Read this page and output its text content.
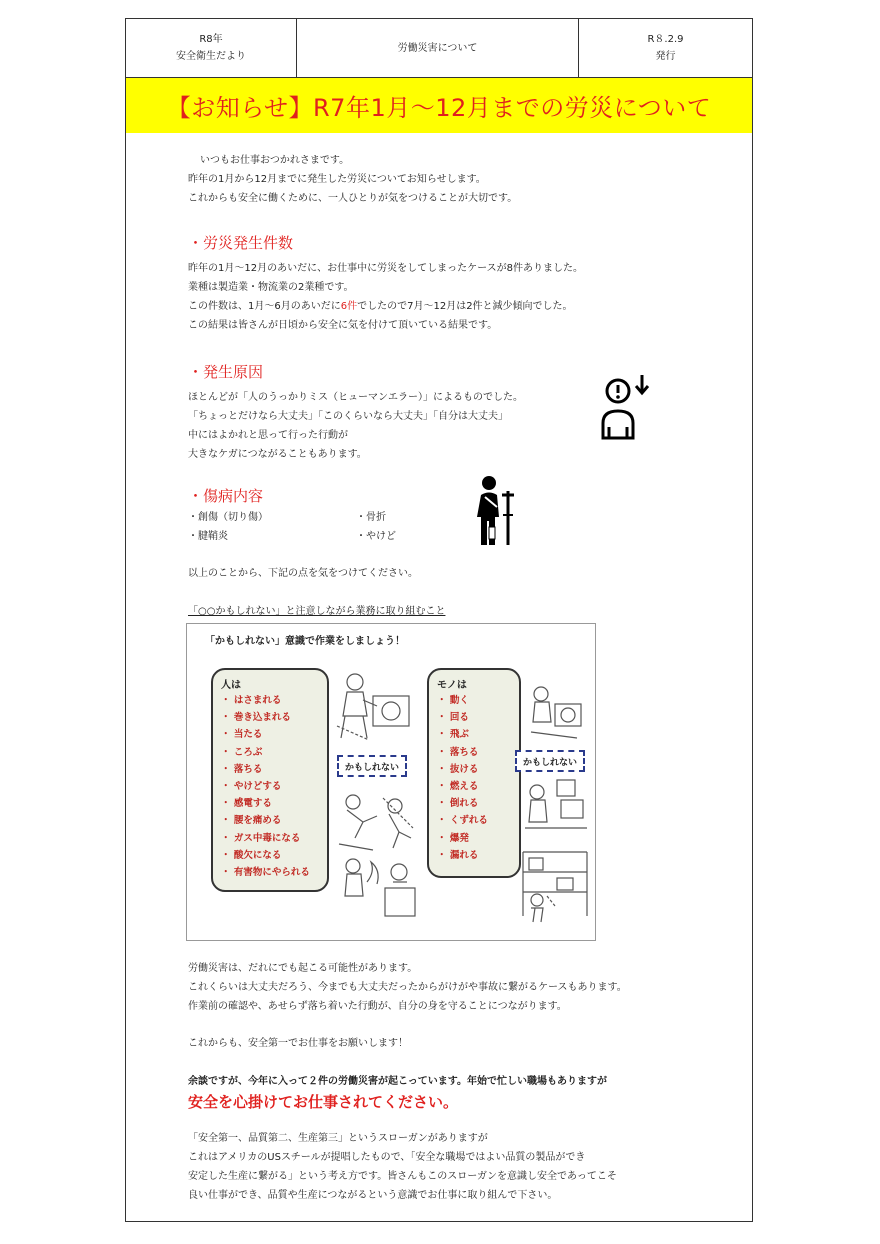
R8年
安全衛生だより
労働災害について
R８.2.9
発行
【お知らせ】R7年1月～12月までの労災について
いつもお仕事おつかれさまです。
昨年の1月から12月までに発生した労災についてお知らせします。
これからも安全に働くために、一人ひとりが気をつけることが大切です。
・労災発生件数
昨年の1月～12月のあいだに、お仕事中に労災をしてしまったケースが8件ありました。
業種は製造業・物流業の2業種です。
この件数は、1月～6月のあいだに6件でしたので7月～12月は2件と減少傾向でした。
この結果は皆さんが日頃から安全に気を付けて頂いている結果です。
・発生原因
ほとんどが「人のうっかりミス（ヒューマンエラー）」によるものでした。
「ちょっとだけなら大丈夫」「このくらいなら大丈夫」「自分は大丈夫」
中にはよかれと思って行った行動が
大きなケガにつながることもあります。
・傷病内容
・創傷（切り傷）	・骨折
・腱鞘炎	・やけど
以上のことから、下記の点を気をつけてください。
「○○かもしれない」と注意しながら業務に取り組むこと
「かもしれない」意識で作業をしましょう！
人は
・ はさまれる
・ 巻き込まれる
・ 当たる
・ ころぶ
・ 落ちる
・ やけどする
・ 感電する
・ 腰を痛める
・ ガス中毒になる
・ 酸欠になる
・ 有害物にやられる
かもしれない
モノは
・ 動く
・ 回る
・ 飛ぶ
・ 落ちる
・ 抜ける
・ 燃える
・ 倒れる
・ くずれる
・ 爆発
・ 漏れる
かもしれない
労働災害は、だれにでも起こる可能性があります。
これくらいは大丈夫だろう、今までも大丈夫だったからがけがや事故に繋がるケースもあります。
作業前の確認や、あせらず落ち着いた行動が、自分の身を守ることにつながります。
これからも、安全第一でお仕事をお願いします！
余談ですが、今年に入って２件の労働災害が起こっています。年始で忙しい職場もありますが
安全を心掛けてお仕事されてください。
「安全第一、品質第二、生産第三」というスローガンがありますが
これはアメリカのUSスチールが提唱したもので、「安全な職場ではよい品質の製品ができ
安定した生産に繋がる」という考え方です。皆さんもこのスローガンを意識し安全であってこそ
良い仕事ができ、品質や生産につながるという意識でお仕事に取り組んで下さい。
